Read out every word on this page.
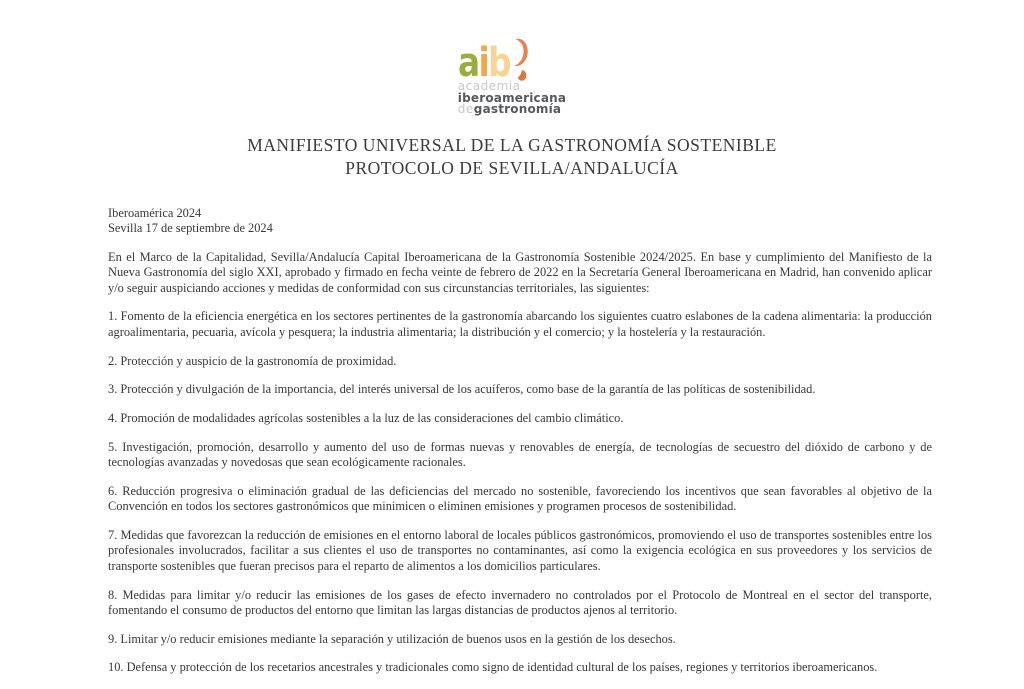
a i b
academia
iberoamericana
degastronomía
MANIFIESTO UNIVERSAL DE LA GASTRONOMÍA SOSTENIBLE
PROTOCOLO DE SEVILLA/ANDALUCÍA

Iberoamérica 2024

Sevilla 17 de septiembre de 2024

En el Marco de la Capitalidad, Sevilla/Andalucía Capital Iberoamericana de la Gastronomía Sostenible 2024/2025. En base y cumplimiento del Manifiesto de la Nueva Gastronomía del siglo XXI, aprobado y firmado en fecha veinte de febrero de 2022 en la Secretaría General Iberoamericana en Madrid, han convenido aplicar y/o seguir auspiciando acciones y medidas de conformidad con sus circunstancias territoriales, las siguientes:

1. Fomento de la eficiencia energética en los sectores pertinentes de la gastronomía abarcando los siguientes cuatro eslabones de la cadena alimentaria: la producción agroalimentaria, pecuaria, avícola y pesquera; la industria alimentaria; la distribución y el comercio; y la hostelería y la restauración.

2. Protección y auspicio de la gastronomía de proximidad.

3. Protección y divulgación de la importancia, del interés universal de los acuíferos, como base de la garantía de las políticas de sostenibilidad.

4. Promoción de modalidades agrícolas sostenibles a la luz de las consideraciones del cambio climático.

5. Investigación, promoción, desarrollo y aumento del uso de formas nuevas y renovables de energía, de tecnologías de secuestro del dióxido de carbono y de tecnologías avanzadas y novedosas que sean ecológicamente racionales.

6. Reducción progresiva o eliminación gradual de las deficiencias del mercado no sostenible, favoreciendo los incentivos que sean favorables al objetivo de la Convención en todos los sectores gastronómicos que minimicen o eliminen emisiones y programen procesos de sostenibilidad.

7. Medidas que favorezcan la reducción de emisiones en el entorno laboral de locales públicos gastronómicos, promoviendo el uso de transportes sostenibles entre los profesionales involucrados, facilitar a sus clientes el uso de transportes no contaminantes, así como la exigencia ecológica en sus proveedores y los servicios de transporte sostenibles que fueran precisos para el reparto de alimentos a los domicilios particulares.

8. Medidas para limitar y/o reducir las emisiones de los gases de efecto invernadero no controlados por el Protocolo de Montreal en el sector del transporte, fomentando el consumo de productos del entorno que limitan las largas distancias de productos ajenos al territorio.

9. Limitar y/o reducir emisiones mediante la separación y utilización de buenos usos en la gestión de los desechos.

10. Defensa y protección de los recetarios ancestrales y tradicionales como signo de identidad cultural de los países, regiones y territorios iberoamericanos.
